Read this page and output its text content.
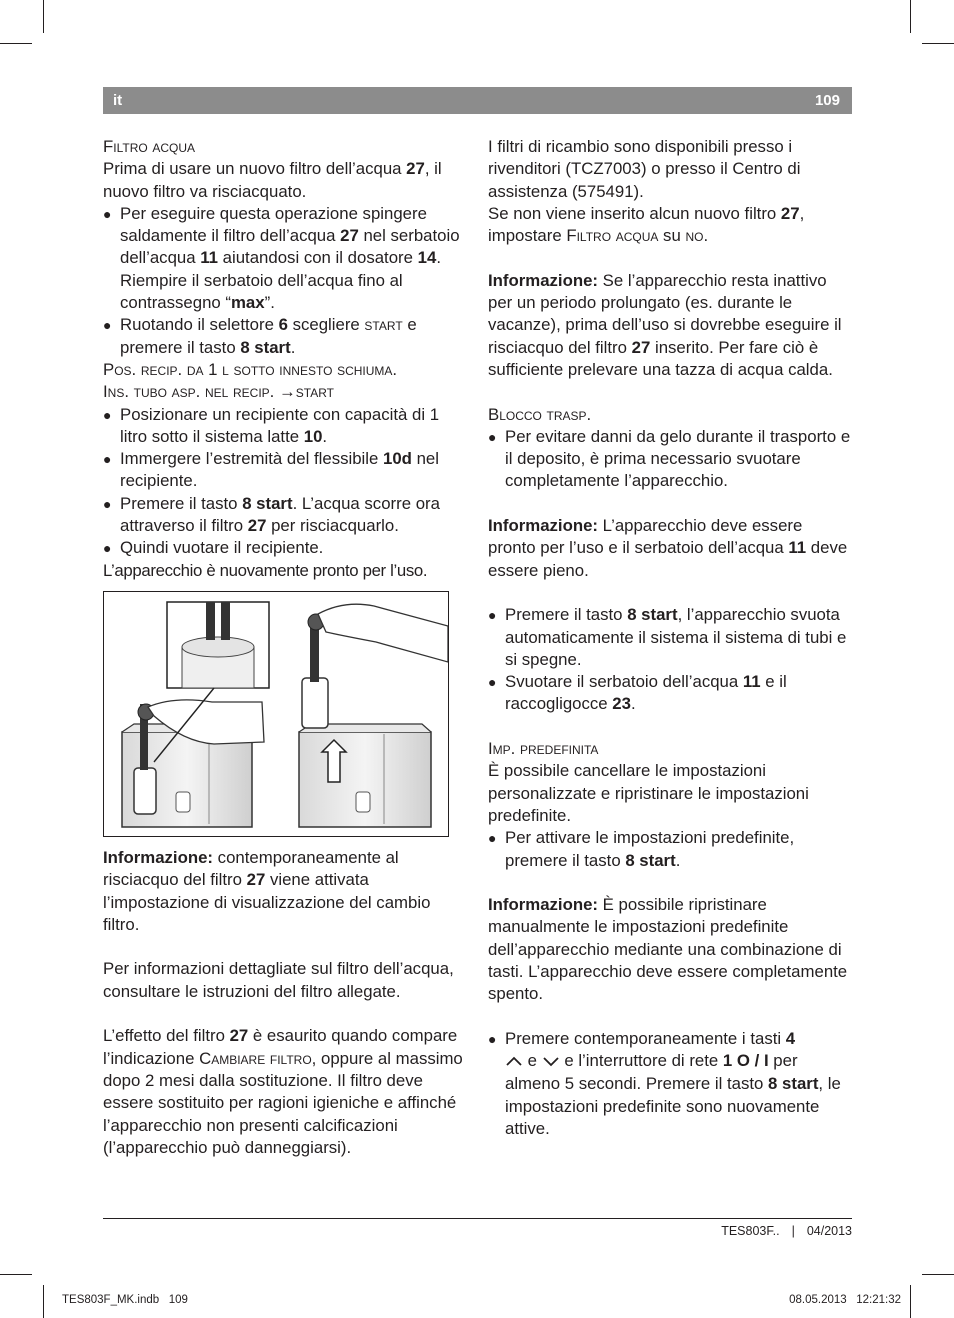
it	109

Filtro acqua

Prima di usare un nuovo filtro dell’acqua 27, il nuovo filtro va risciacquato.

● Per eseguire questa operazione spingere saldamente il filtro dell’acqua 27 nel serbatoio dell’acqua 11 aiutandosi con il dosatore 14. Riempire il serbatoio dell’acqua fino al contrassegno “max”.

● Ruotando il selettore 6 scegliere start e premere il tasto 8 start.

Pos. recip. da 1 l sotto innesto schiuma.

Ins. tubo asp. nel recip. →start

● Posizionare un recipiente con capacità di 1 litro sotto il sistema latte 10.

● Immergere l’estremità del flessibile 10d nel recipiente.

● Premere il tasto 8 start. L’acqua scorre ora attraverso il filtro 27 per risciacquarlo.

● Quindi vuotare il recipiente.

L’apparecchio è nuovamente pronto per l’uso.

Informazione: contemporaneamente al risciacquo del filtro 27 viene attivata l’impostazione di visualizzazione del cambio filtro.

Per informazioni dettagliate sul filtro dell’acqua, consultare le istruzioni del filtro allegate.

L’effetto del filtro 27 è esaurito quando compare l’indicazione Cambiare filtro, oppure al massimo dopo 2 mesi dalla sostituzione. Il filtro deve essere sostituito per ragioni igieniche e affinché l’apparecchio non presenti calcificazioni (l’apparecchio può danneggiarsi).

I filtri di ricambio sono disponibili presso i rivenditori (TCZ7003) o presso il Centro di assistenza (575491).

Se non viene inserito alcun nuovo filtro 27, impostare Filtro acqua su no.

Informazione: Se l’apparecchio resta inattivo per un periodo prolungato (es. durante le vacanze), prima dell’uso si dovrebbe eseguire il risciacquo del filtro 27 inserito. Per fare ciò è sufficiente prelevare una tazza di acqua calda.

Blocco trasp.

● Per evitare danni da gelo durante il trasporto e il deposito, è prima necessario svuotare completamente l’apparecchio.

Informazione: L’apparecchio deve essere pronto per l’uso e il serbatoio dell’acqua 11 deve essere pieno.

● Premere il tasto 8 start, l’apparecchio svuota automaticamente il sistema il sistema di tubi e si spegne.

● Svuotare il serbatoio dell’acqua 11 e il raccogligocce 23.

Imp. predefinita

È possibile cancellare le impostazioni personalizzate e ripristinare le impostazioni predefinite.

● Per attivare le impostazioni predefinite, premere il tasto 8 start.

Informazione: È possibile ripristinare manualmente le impostazioni predefinite dell’apparecchio mediante una combinazione di tasti. L’apparecchio deve essere completamente spento.

● Premere contemporaneamente i tasti 4
e  e l’interruttore di rete 1 O / I per almeno 5 secondi. Premere il tasto 8 start, le impostazioni predefinite sono nuovamente attive.

TES803F.. | 04/2013
TES803F_MK.indb   109	08.05.2013   12:21:32
